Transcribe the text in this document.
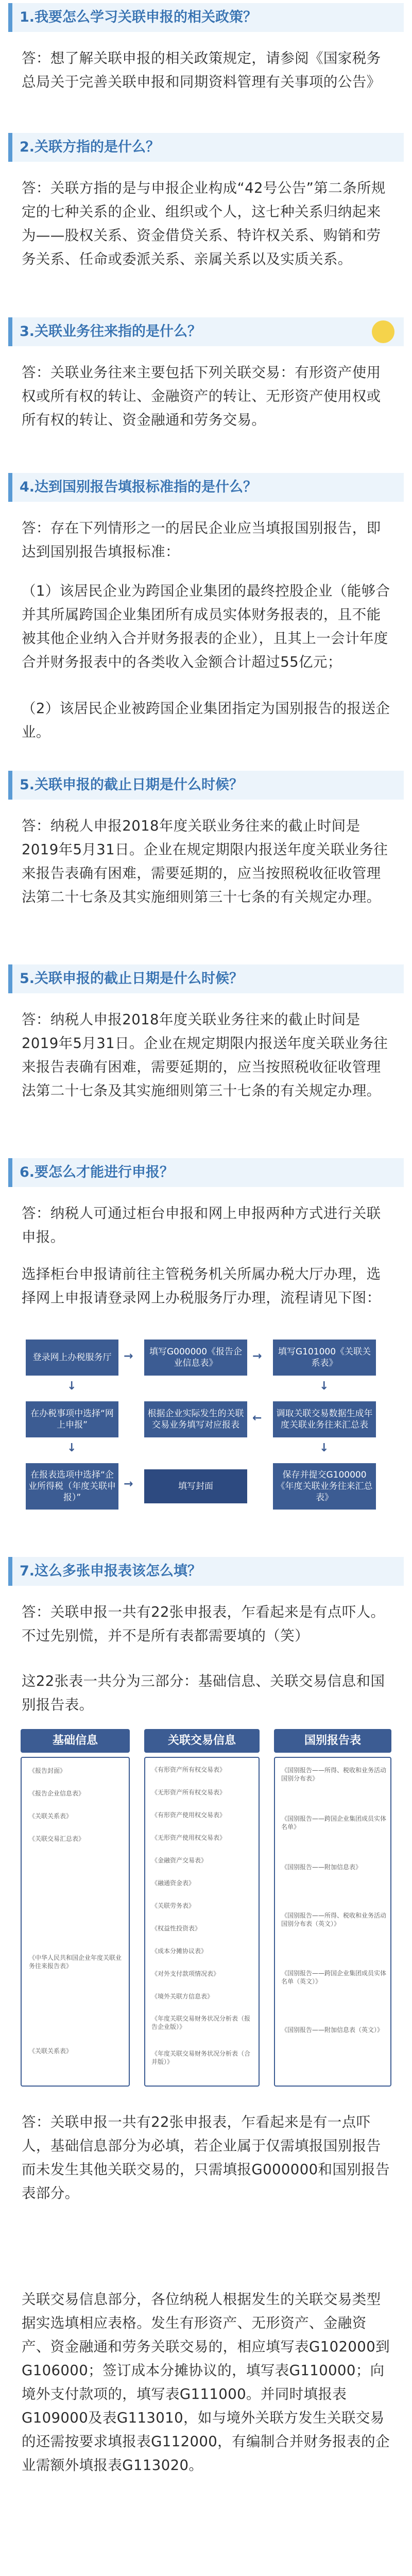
1.我要怎么学习关联申报的相关政策？
答：想了解关联申报的相关政策规定，请参阅《国家税务总局关于完善关联申报和同期资料管理有关事项的公告》
2.关联方指的是什么？
答：关联方指的是与申报企业构成“42号公告”第二条所规定的七种关系的企业、组织或个人，这七种关系归纳起来为——股权关系、资金借贷关系、特许权关系、购销和劳务关系、任命或委派关系、亲属关系以及实质关系。
3.关联业务往来指的是什么？
答：关联业务往来主要包括下列关联交易：有形资产使用权或所有权的转让、金融资产的转让、无形资产使用权或所有权的转让、资金融通和劳务交易。
4.达到国别报告填报标准指的是什么？
答：存在下列情形之一的居民企业应当填报国别报告，即达到国别报告填报标准：
（1）该居民企业为跨国企业集团的最终控股企业（能够合并其所属跨国企业集团所有成员实体财务报表的，且不能被其他企业纳入合并财务报表的企业），且其上一会计年度合并财务报表中的各类收入金额合计超过55亿元；
（2）该居民企业被跨国企业集团指定为国别报告的报送企业。
5.关联申报的截止日期是什么时候？
答：纳税人申报2018年度关联业务往来的截止时间是2019年5月31日。企业在规定期限内报送年度关联业务往来报告表确有困难，需要延期的，应当按照税收征收管理法第二十七条及其实施细则第三十七条的有关规定办理。
5.关联申报的截止日期是什么时候？
答：纳税人申报2018年度关联业务往来的截止时间是2019年5月31日。企业在规定期限内报送年度关联业务往来报告表确有困难，需要延期的，应当按照税收征收管理法第二十七条及其实施细则第三十七条的有关规定办理。
6.要怎么才能进行申报？
答：纳税人可通过柜台申报和网上申报两种方式进行关联申报。
选择柜台申报请前往主管税务机关所属办税大厅办理，选择网上申报请登录网上办税服务厅办理，流程请见下图：
登录网上办税服务厅	→	填写G000000《报告企业信息表》
→	填写G101000《关联关系表》
↓	↓
在办税事项中选择“网上申报”
根据企业实际发生的关联交易业务填写对应报表
←	调取关联交易数据生成年度关联业务往来汇总表
↓	↓
在报表选项中选择“企业所得税（年度关联申报）”
→	填写封面
保存并提交G100000《年度关联业务往来汇总表》
7.这么多张申报表该怎么填？
答：关联申报一共有22张申报表，乍看起来是有点吓人。不过先别慌，并不是所有表都需要填的（笑）
这22张表一共分为三部分：基础信息、关联交易信息和国别报告表。
基础信息
《报告封面》
《报告企业信息表》
《关联关系表》
《关联交易汇总表》
《中华人民共和国企业年度关联业务往来报告表》
《关联关系表》
关联交易信息
《有形资产所有权交易表》
《无形资产所有权交易表》
《有形资产使用权交易表》
《无形资产使用权交易表》
《金融资产交易表》
《融通资金表》
《关联劳务表》
《权益性投资表》
《成本分摊协议表》
《对外支付款项情况表》
《境外关联方信息表》
《年度关联交易财务状况分析表（报告企业版）》
《年度关联交易财务状况分析表（合并版）》
国别报告表
《国别报告——所得、税收和业务活动国别分布表》
《国别报告——跨国企业集团成员实体名单》
《国别报告——附加信息表》
《国别报告——所得、税收和业务活动国别分布表（英文）》
《国别报告——跨国企业集团成员实体名单（英文）》
《国别报告——附加信息表（英文）》
答：关联申报一共有22张申报表，乍看起来是有一点吓人，基础信息部分为必填，若企业属于仅需填报国别报告而未发生其他关联交易的，只需填报G000000和国别报告表部分。
关联交易信息部分，各位纳税人根据发生的关联交易类型据实选填相应表格。发生有形资产、无形资产、金融资产、资金融通和劳务关联交易的，相应填写表G102000到G106000；签订成本分摊协议的，填写表G110000；向境外支付款项的，填写表G111000。并同时填报表G109000及表G113010，如与境外关联方发生关联交易的还需按要求填报表G112000，有编制合并财务报表的企业需额外填报表G113020。
